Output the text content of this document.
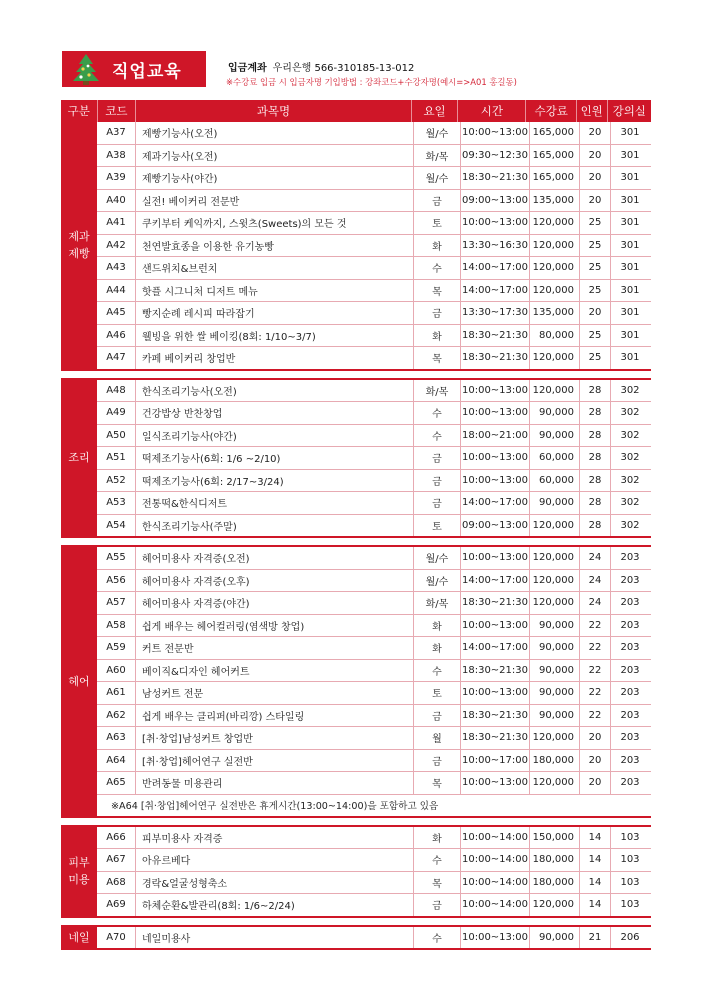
직업교육	입금계좌 우리은행 566-310185-13-012
※수강료 입금 시 입금자명 기입방법 : 강좌코드+수강자명(예시=>A01 홍길동)
구분	코드	과목명	요일	시간	수강료	인원 강의실
제과
제빵
A37	제빵기능사(오전)	월/수	10:00~13:00 165,000	20	301
A38	제과기능사(오전)	화/목	09:30~12:30 165,000	20	301
A39	제빵기능사(야간)	월/수	18:30~21:30 165,000	20	301
A40	실전! 베이커리 전문반	금	09:00~13:00 135,000	20	301
A41	쿠키부터 케익까지, 스윗츠(Sweets)의 모든 것	토	10:00~13:00 120,000	25	301
A42	천연발효종을 이용한 유기농빵	화	13:30~16:30 120,000	25	301
A43	샌드위치&브런치	수	14:00~17:00 120,000	25	301
A44	핫플 시그니처 디저트 메뉴	목	14:00~17:00 120,000	25	301
A45	빵지순례 레시피 따라잡기	금	13:30~17:30 135,000	20	301
A46	웰빙을 위한 쌀 베이킹(8회: 1/10~3/7)	화	18:30~21:30	80,000	25	301
A47	카페 베이커리 창업반	목	18:30~21:30 120,000	25	301
조리
A48	한식조리기능사(오전)	화/목	10:00~13:00 120,000	28	302
A49	건강밥상 반찬창업	수	10:00~13:00	90,000	28	302
A50	일식조리기능사(야간)	수	18:00~21:00	90,000	28	302
A51	떡제조기능사(6회: 1/6 ~2/10)	금	10:00~13:00	60,000	28	302
A52	떡제조기능사(6회: 2/17~3/24)	금	10:00~13:00	60,000	28	302
A53	전통떡&한식디저트	금	14:00~17:00	90,000	28	302
A54	한식조리기능사(주말)	토	09:00~13:00 120,000	28	302
헤어
A55	헤어미용사 자격증(오전)	월/수	10:00~13:00 120,000	24	203
A56	헤어미용사 자격증(오후)	월/수	14:00~17:00 120,000	24	203
A57	헤어미용사 자격증(야간)	화/목	18:30~21:30 120,000	24	203
A58	쉽게 배우는 헤어컬러링(염색방 창업)	화	10:00~13:00	90,000	22	203
A59	커트 전문반	화	14:00~17:00	90,000	22	203
A60	베이직&디자인 헤어커트	수	18:30~21:30	90,000	22	203
A61	남성커트 전문	토	10:00~13:00	90,000	22	203
A62	쉽게 배우는 클리퍼(바리깡) 스타일링	금	18:30~21:30	90,000	22	203
A63	[취·창업]남성커트 창업반	월	18:30~21:30 120,000	20	203
A64	[취·창업]헤어연구 실전반	금	10:00~17:00 180,000	20	203
A65	반려동물 미용관리	목	10:00~13:00 120,000	20	203
※A64 [취·창업]헤어연구 실전반은 휴게시간(13:00~14:00)을 포함하고 있음
피부
미용
A66	피부미용사 자격증	화	10:00~14:00 150,000	14	103
A67	아유르베다	수	10:00~14:00 180,000	14	103
A68	경락&얼굴성형축소	목	10:00~14:00 180,000	14	103
A69	하체순환&발관리(8회: 1/6~2/24)	금	10:00~14:00 120,000	14	103
네일	A70	네일미용사	수	10:00~13:00	90,000	21	206
